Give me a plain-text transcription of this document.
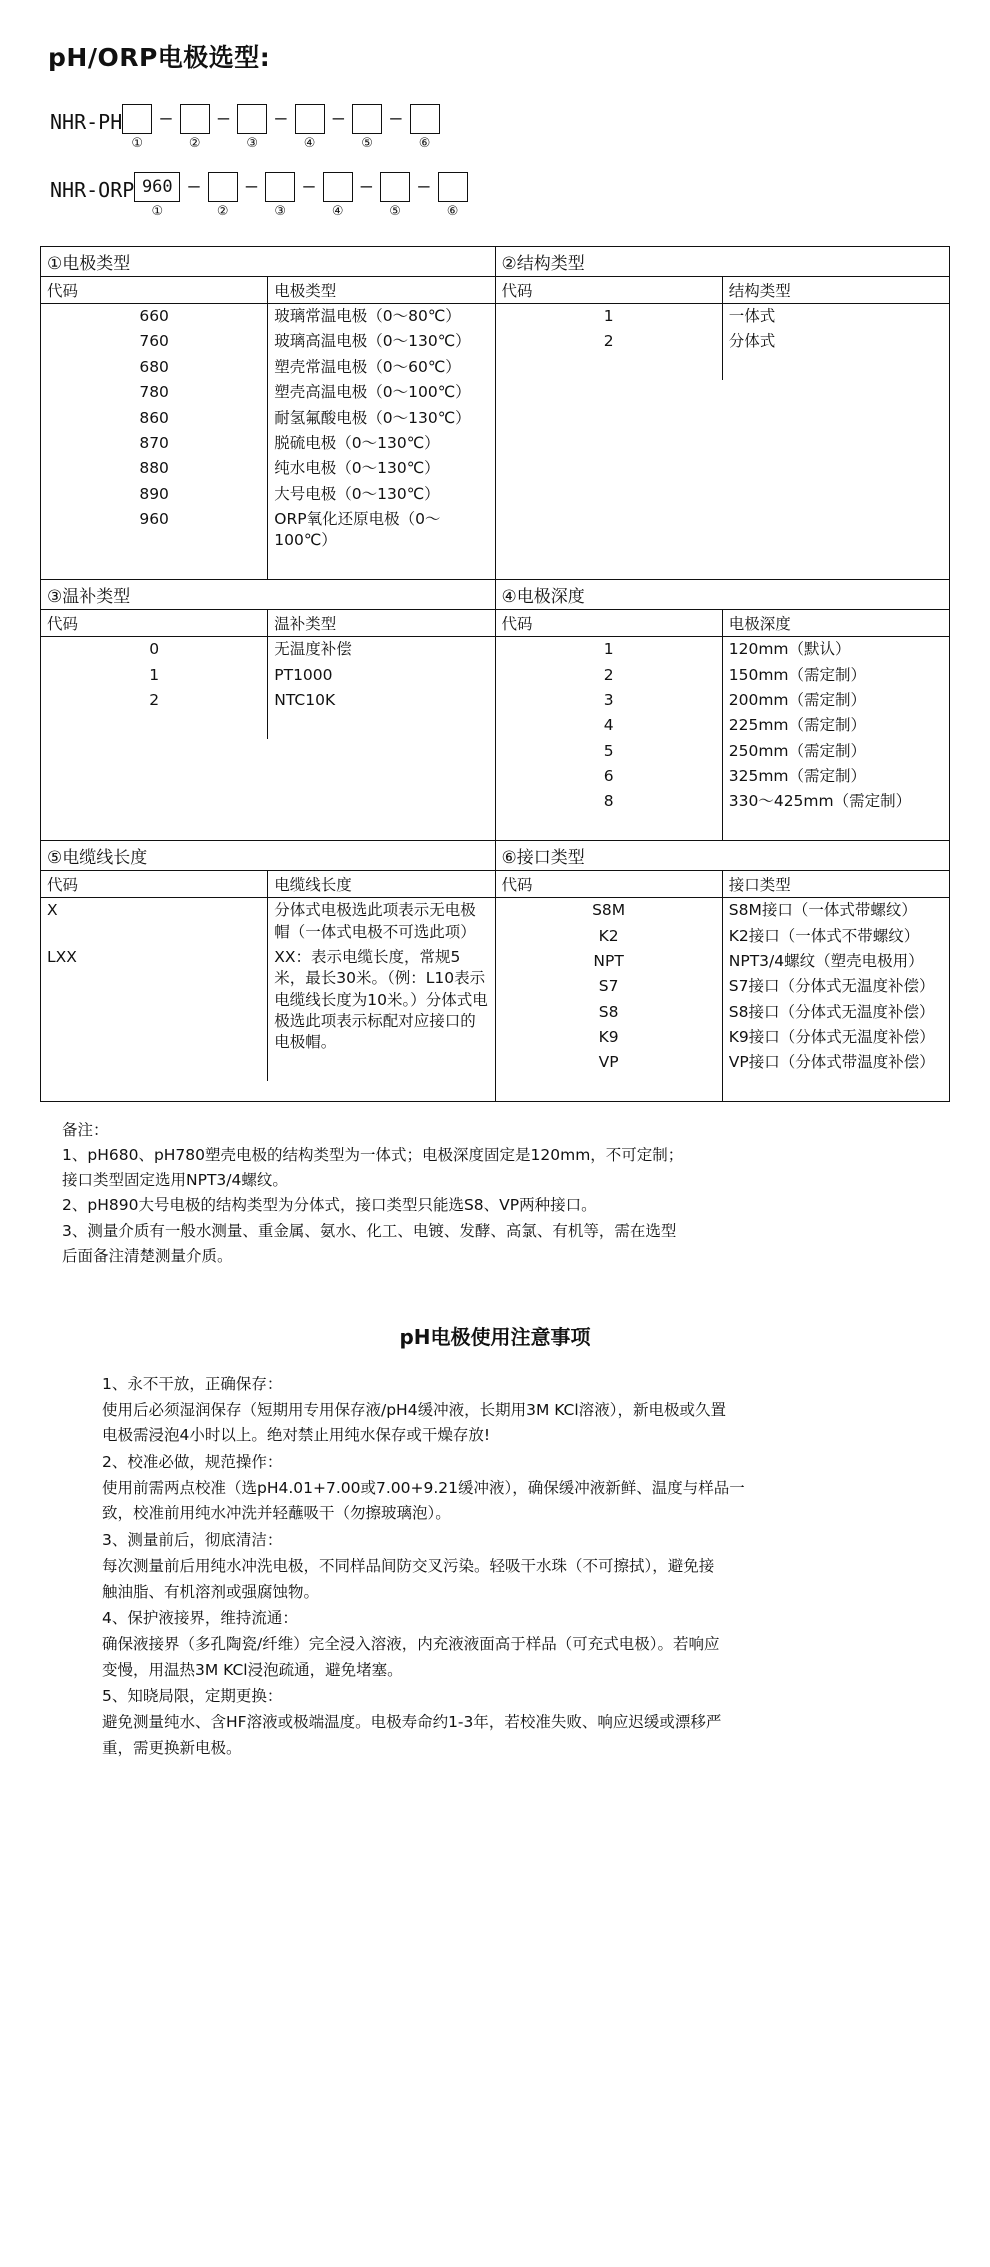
pH/ORP电极选型:
NHR-PH
①
—
②
—
③
—
④
—
⑤
—
⑥
NHR-ORP 960
①
—
②
—
③
—
④
—
⑤
—
⑥
①电极类型
代码	电极类型
660	玻璃常温电极（0～80℃）
760	玻璃高温电极（0～130℃）
680	塑壳常温电极（0～60℃）
780	塑壳高温电极（0～100℃）
860	耐氢氟酸电极（0～130℃）
870	脱硫电极（0～130℃）
880	纯水电极（0～130℃）
890	大号电极（0～130℃）
960	ORP氧化还原电极（0～100℃）

②结构类型
代码	结构类型
1	一体式
2	分体式

③温补类型
代码	温补类型
0	无温度补偿
1	PT1000
2	NTC10K

④电极深度
代码	电极深度
1	120mm（默认）
2	150mm（需定制）
3	200mm（需定制）
4	225mm（需定制）
5	250mm（需定制）
6	325mm（需定制）
8	330～425mm（需定制）

⑤电缆线长度
代码	电缆线长度
X	分体式电极选此项表示无电极帽（一体式电极不可选此项）
LXX	XX：表示电缆长度，常规5米，最长30米。（例：L10表示电缆线长度为10米。）分体式电极选此项表示标配对应接口的电极帽。

⑥接口类型
代码	接口类型
S8M	S8M接口（一体式带螺纹）
K2	K2接口（一体式不带螺纹）
NPT	NPT3/4螺纹（塑壳电极用）
S7	S7接口（分体式无温度补偿）
S8	S8接口（分体式无温度补偿）
K9	K9接口（分体式无温度补偿）
VP	VP接口（分体式带温度补偿）

备注：

1、pH680、pH780塑壳电极的结构类型为一体式；电极深度固定是120mm，不可定制；

接口类型固定选用NPT3/4螺纹。

2、pH890大号电极的结构类型为分体式，接口类型只能选S8、VP两种接口。

3、测量介质有一般水测量、重金属、氨水、化工、电镀、发酵、高氯、有机等，需在选型

后面备注清楚测量介质。

pH电极使用注意事项

1、永不干放，正确保存：

使用后必须湿润保存（短期用专用保存液/pH4缓冲液，长期用3M KCl溶液），新电极或久置

电极需浸泡4小时以上。绝对禁止用纯水保存或干燥存放!

2、校准必做，规范操作：

使用前需两点校准（选pH4.01+7.00或7.00+9.21缓冲液），确保缓冲液新鲜、温度与样品一

致，校准前用纯水冲洗并轻蘸吸干（勿擦玻璃泡）。

3、测量前后，彻底清洁：

每次测量前后用纯水冲洗电极，不同样品间防交叉污染。轻吸干水珠（不可擦拭），避免接

触油脂、有机溶剂或强腐蚀物。

4、保护液接界，维持流通：

确保液接界（多孔陶瓷/纤维）完全浸入溶液，内充液液面高于样品（可充式电极）。若响应

变慢，用温热3M KCl浸泡疏通，避免堵塞。

5、知晓局限，定期更换：

避免测量纯水、含HF溶液或极端温度。电极寿命约1-3年，若校准失败、响应迟缓或漂移严

重，需更换新电极。
